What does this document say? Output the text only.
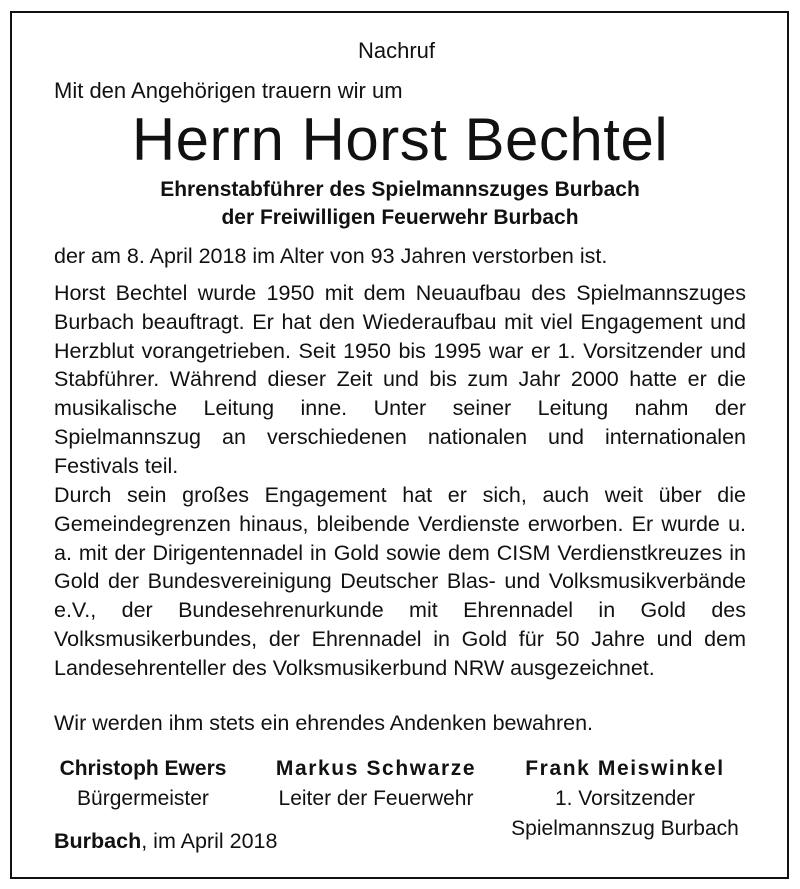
Nachruf
Mit den Angehörigen trauern wir um
Herrn Horst Bechtel
Ehrenstabführer des Spielmannszuges Burbach
der Freiwilligen Feuerwehr Burbach
der am 8. April 2018 im Alter von 93 Jahren verstorben ist.
Horst Bechtel wurde 1950 mit dem Neuaufbau des Spielmannszuges Burbach beauftragt. Er hat den Wiederaufbau mit viel Engagement und Herzblut vorangetrieben. Seit 1950 bis 1995 war er 1. Vorsitzender und Stabführer. Während dieser Zeit und bis zum Jahr 2000 hatte er die musikalische Leitung inne. Unter seiner Leitung nahm der Spielmannszug an verschiedenen nationalen und internationalen Festivals teil.
Durch sein großes Engagement hat er sich, auch weit über die Gemeindegrenzen hinaus, bleibende Verdienste erworben. Er wurde u. a. mit der Dirigentennadel in Gold sowie dem CISM Verdienstkreuzes in Gold der Bundesvereinigung Deutscher Blas- und Volksmusikverbände e.V., der Bundesehrenurkunde mit Ehrennadel in Gold des Volksmusikerbundes, der Ehrennadel in Gold für 50 Jahre und dem Landesehrenteller des Volksmusikerbund NRW ausgezeichnet.
Wir werden ihm stets ein ehrendes Andenken bewahren.
Christoph Ewers
Bürgermeister
Markus Schwarze
Leiter der Feuerwehr
Frank Meiswinkel
1. Vorsitzender
Spielmannszug Burbach
Burbach, im April 2018
